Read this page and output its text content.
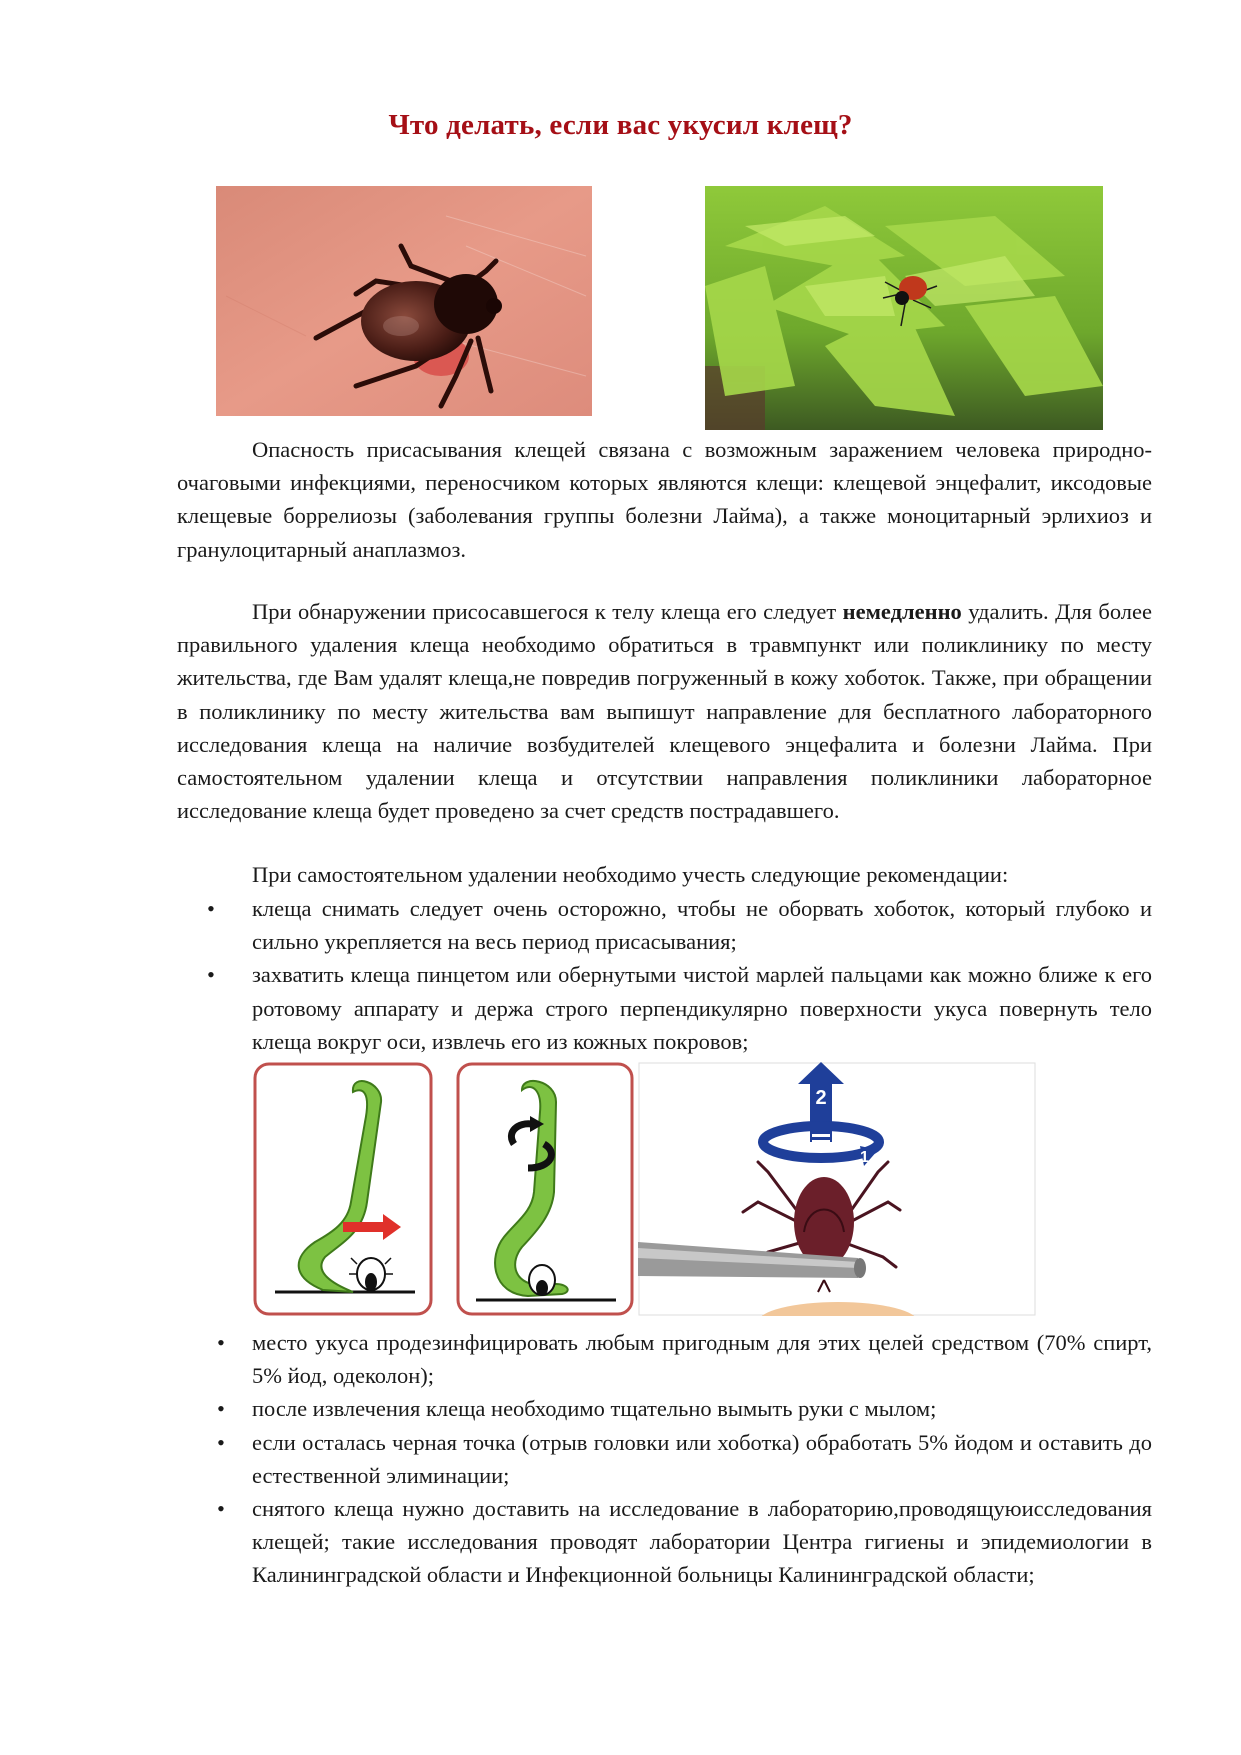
Что делать, если вас укусил клещ?

Опасность присасывания клещей связана с возможным заражением человека природно-очаговыми инфекциями, переносчиком которых являются клещи: клещевой энцефалит, иксодовые клещевые боррелиозы (заболевания группы болезни Лайма), а также моноцитарный эрлихиоз и гранулоцитарный анаплазмоз.

При обнаружении присосавшегося к телу клеща его следует немедленно удалить. Для более правильного удаления клеща необходимо обратиться в травмпункт или поликлинику по месту жительства, где Вам удалят клеща,не повредив погруженный в кожу хоботок. Также, при обращении в поликлинику по месту жительства вам выпишут направление для бесплатного лабораторного исследования клеща на наличие возбудителей клещевого энцефалита и болезни Лайма. При самостоятельном удалении клеща и отсутствии направления поликлиники лабораторное исследование клеща будет проведено за счет средств пострадавшего.

При самостоятельном удалении необходимо учесть следующие рекомендации:

• клеща снимать следует очень осторожно, чтобы не оборвать хоботок, который глубоко и сильно укрепляется на весь период присасывания;
• захватить клеща пинцетом или обернутыми чистой марлей пальцами как можно ближе к его ротовому аппарату и держа строго перпендикулярно поверхности укуса повернуть тело клеща вокруг оси, извлечь его из кожных покровов;
2
1
• место укуса продезинфицировать любым пригодным для этих целей средством (70% спирт, 5% йод, одеколон);
• после извлечения клеща необходимо тщательно вымыть руки с мылом;
• если осталась черная точка (отрыв головки или хоботка) обработать 5% йодом и оставить до естественной элиминации;
• снятого клеща нужно доставить на исследование в лабораторию,проводящуюисследования клещей; такие исследования проводят лаборатории Центра гигиены и эпидемиологии в Калининградской области и Инфекционной больницы Калининградской области;
